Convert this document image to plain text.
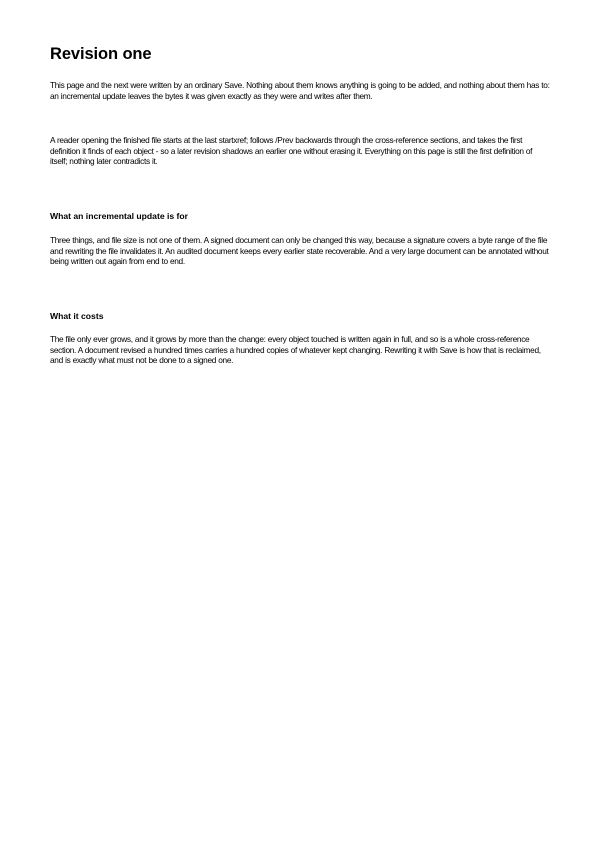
Revision one

This page and the next were written by an ordinary Save. Nothing about them knows anything is going to be added, and nothing about them has to: an incremental update leaves the bytes it was given exactly as they were and writes after them.

A reader opening the finished file starts at the last startxref; follows /Prev backwards through the cross-reference sections, and takes the first definition it finds of each object - so a later revision shadows an earlier one without erasing it. Everything on this page is still the first definition of itself; nothing later contradicts it.

What an incremental update is for

Three things, and file size is not one of them. A signed document can only be changed this way, because a signature covers a byte range of the file and rewriting the file invalidates it. An audited document keeps every earlier state recoverable. And a very large document can be annotated without being written out again from end to end.

What it costs

The file only ever grows, and it grows by more than the change: every object touched is written again in full, and so is a whole cross-reference section. A document revised a hundred times carries a hundred copies of whatever kept changing. Rewriting it with Save is how that is reclaimed, and is exactly what must not be done to a signed one.
